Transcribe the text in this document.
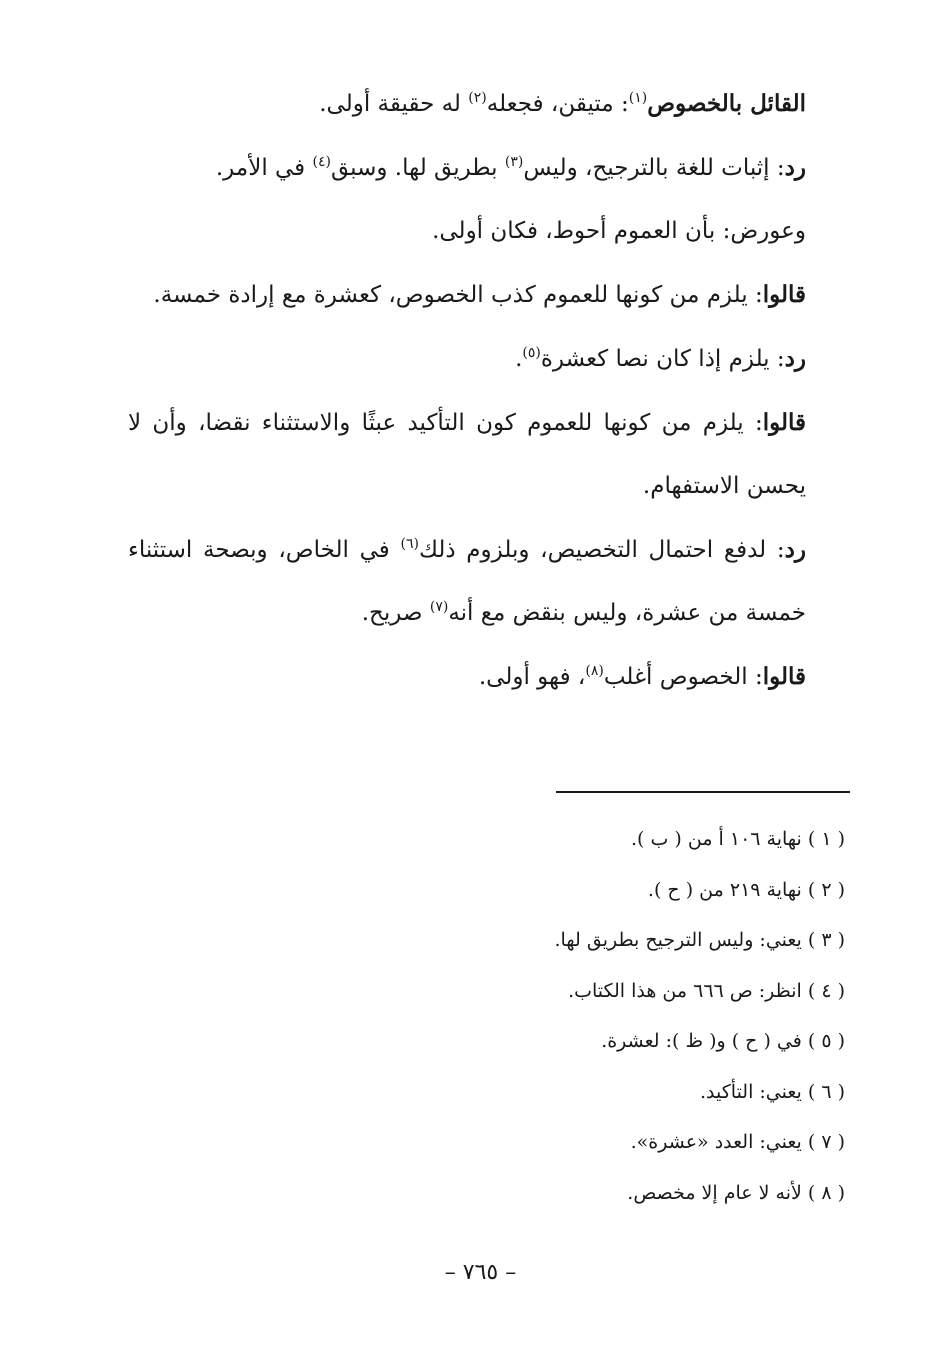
القائل بالخصوص$^{(١)}$: متيقن، فجعله$^{(٢)}$ له حقيقة أولى.

رد: إثبات للغة بالترجيح، وليس$^{(٣)}$ بطريق لها. وسبق$^{(٤)}$ في الأمر.

وعورض: بأن العموم أحوط، فكان أولى.

قالوا: يلزم من كونها للعموم كذب الخصوص، كعشرة مع إرادة خمسة.

رد: يلزم إذا كان نصا كعشرة$^{(٥)}$.

قالوا: يلزم من كونها للعموم كون التأكيد عبثًا والاستثناء نقضا، وأن لا يحسن الاستفهام.

رد: لدفع احتمال التخصيص، وبلزوم ذلك$^{(٦)}$ في الخاص، وبصحة استثناء خمسة من عشرة، وليس بنقض مع أنه$^{(٧)}$ صريح.

قالوا: الخصوص أغلب$^{(٨)}$، فهو أولى.

( ١ ) نهاية ١٠٦ أ من ( ب ).

( ٢ ) نهاية ٢١٩ من ( ح ).

( ٣ ) يعني: وليس الترجيح بطريق لها.

( ٤ ) انظر: ص ٦٦٦ من هذا الكتاب.

( ٥ ) في ( ح ) و( ظ ): لعشرة.

( ٦ ) يعني: التأكيد.

( ٧ ) يعني: العدد «عشرة».

( ٨ ) لأنه لا عام إلا مخصص.

– ٧٦٥ –
